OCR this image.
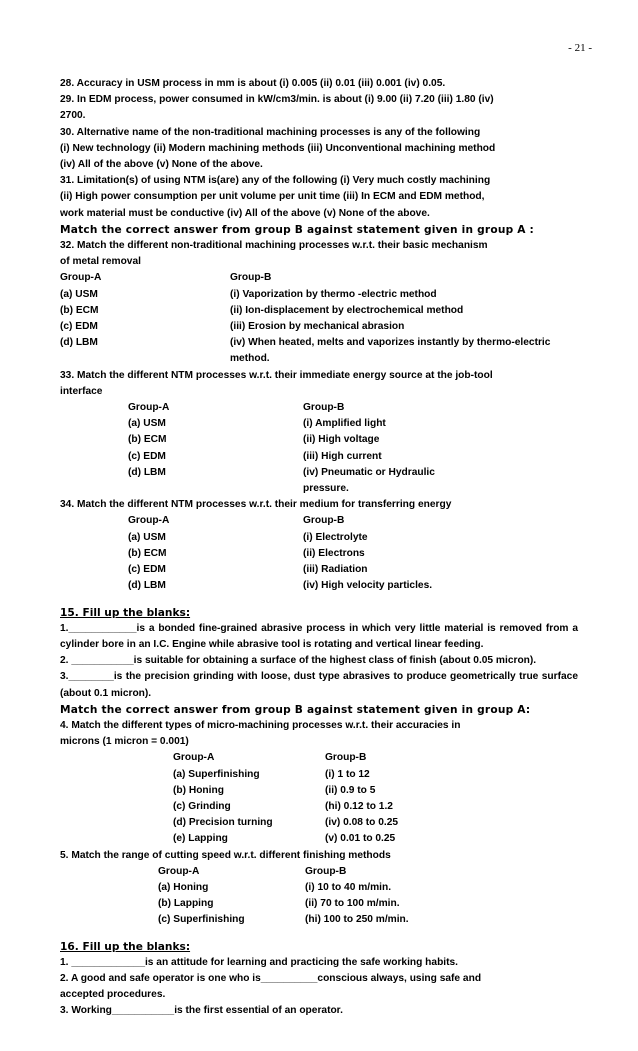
- 21 -
28. Accuracy in USM process in mm is about (i) 0.005 (ii) 0.01 (iii) 0.001 (iv) 0.05.
29. In EDM process, power consumed in kW/cm3/min. is about (i) 9.00 (ii) 7.20 (iii) 1.80 (iv)
2700.
30. Alternative name of the non-traditional machining processes is any of the following
(i) New technology (ii) Modern machining methods (iii) Unconventional machining method
(iv) All of the above (v) None of the above.
31. Limitation(s) of using NTM is(are) any of the following (i) Very much costly machining
(ii) High power consumption per unit volume per unit time (iii) In ECM and EDM method,
work material must be conductive (iv) All of the above (v) None of the above.
Match the correct answer from group B against statement given in group A :
32. Match the different non-traditional machining processes w.r.t. their basic mechanism
of metal removal
Group-A	Group-B
(a) USM	(i) Vaporization by thermo -electric method
(b) ECM	(ii) Ion-displacement by electrochemical method
(c) EDM	(iii) Erosion by mechanical abrasion
(d) LBM	(iv) When heated, melts and vaporizes instantly by thermo-electric method.
33. Match the different NTM processes w.r.t. their immediate energy source at the job-tool
interface
Group-A	Group-B
(a) USM	(i) Amplified light
(b) ECM	(ii) High voltage
(c) EDM	(iii) High current
(d) LBM	(iv) Pneumatic or Hydraulic pressure.
34. Match the different NTM processes w.r.t. their medium for transferring energy
Group-A	Group-B
(a) USM	(i) Electrolyte
(b) ECM	(ii) Electrons
(c) EDM	(iii) Radiation
(d) LBM	(iv) High velocity particles.
15. Fill up the blanks:
1.____________is a bonded fine-grained abrasive process in which very little material is removed from a cylinder bore in an I.C. Engine while abrasive tool is rotating and vertical linear feeding.
2. ___________is suitable for obtaining a surface of the highest class of finish (about 0.05 micron).
3.________is the precision grinding with loose, dust type abrasives to produce geometrically true surface (about 0.1 micron).
Match the correct answer from group B against statement given in group A:
4. Match the different types of micro-machining processes w.r.t. their accuracies in
microns (1 micron = 0.001)
Group-A	Group-B
(a) Superfinishing	(i) 1 to 12
(b) Honing	(ii) 0.9 to 5
(c) Grinding	(hi) 0.12 to 1.2
(d) Precision turning	(iv) 0.08 to 0.25
(e) Lapping	(v) 0.01 to 0.25
5. Match the range of cutting speed w.r.t. different finishing methods
Group-A	Group-B
(a) Honing	(i) 10 to 40 m/min.
(b) Lapping	(ii) 70 to 100 m/min.
(c) Superfinishing	(hi) 100 to 250 m/min.
16. Fill up the blanks:
1. _____________is an attitude for learning and practicing the safe working habits.
2. A good and safe operator is one who is__________conscious always, using safe and
accepted procedures.
3. Working___________is the first essential of an operator.
